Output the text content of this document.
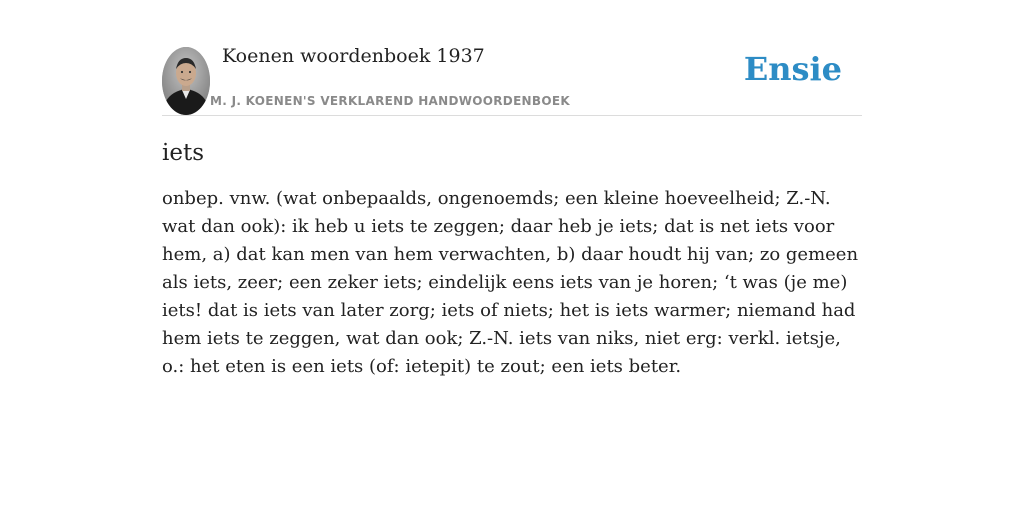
Koenen woordenboek 1937
M. J. KOENEN'S VERKLAREND HANDWOORDENBOEK
Ensie
iets

onbep. vnw. (wat onbepaalds, ongenoemds; een kleine hoeveelheid; Z.-N. wat dan ook): ik heb u iets te zeggen; daar heb je iets; dat is net iets voor hem, a) dat kan men van hem verwachten, b) daar houdt hij van; zo gemeen als iets, zeer; een zeker iets; eindelijk eens iets van je horen; ‘t was (je me) iets! dat is iets van later zorg; iets of niets; het is iets warmer; niemand had hem iets te zeggen, wat dan ook; Z.-N. iets van niks, niet erg: verkl. ietsje, o.: het eten is een iets (of: ietepit) te zout; een iets beter.
